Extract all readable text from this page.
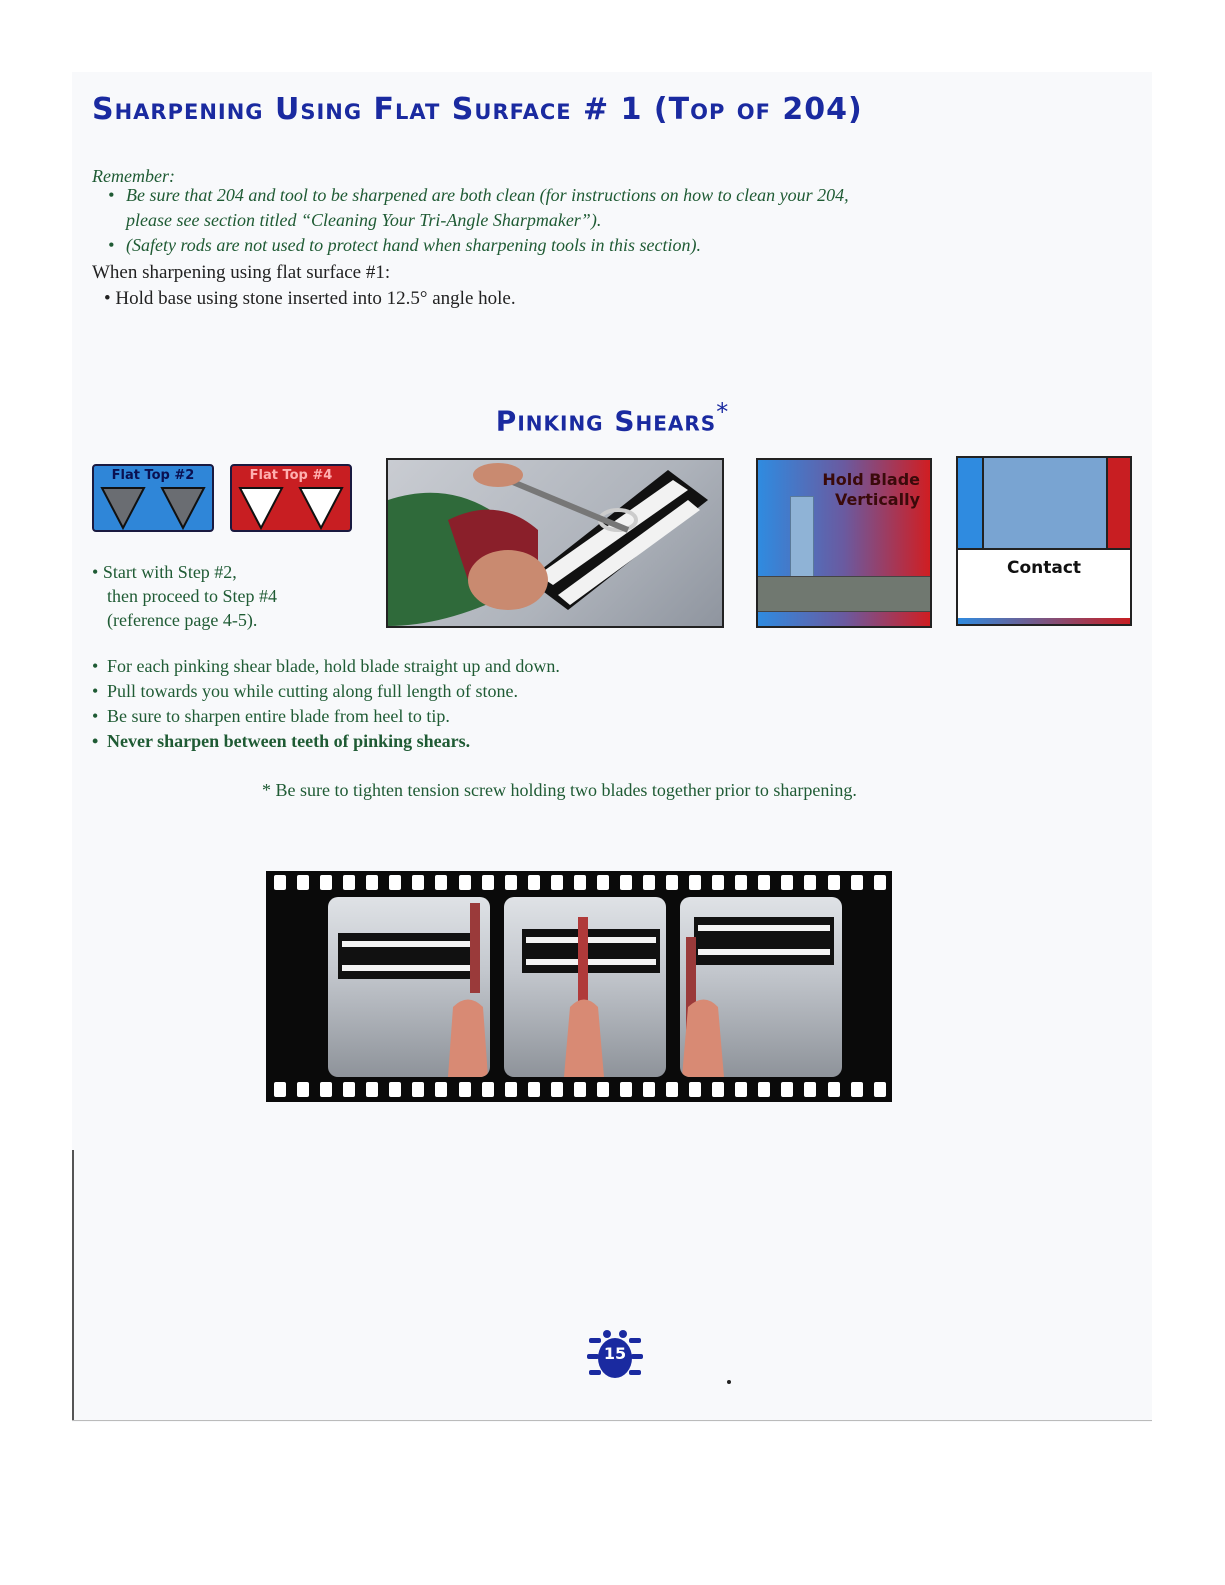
Sharpening Using Flat Surface # 1 (Top of 204)
Remember:
• Be sure that 204 and tool to be sharpened are both clean (for instructions on how to clean your 204,
please see section titled “Cleaning Your Tri-Angle Sharpmaker”).
• (Safety rods are not used to protect hand when sharpening tools in this section).
When sharpening using flat surface #1:
• Hold base using stone inserted into 12.5° angle hole.
Pinking Shears*
Flat Top #2	Flat Top #4
• Start with Step #2,
then proceed to Step #4
(reference page 4-5).
Hold Blade
Vertically
Contact
• For each pinking shear blade, hold blade straight up and down.
• Pull towards you while cutting along full length of stone.
• Be sure to sharpen entire blade from heel to tip.
• Never sharpen between teeth of pinking shears.
* Be sure to tighten tension screw holding two blades together prior to sharpening.
15
